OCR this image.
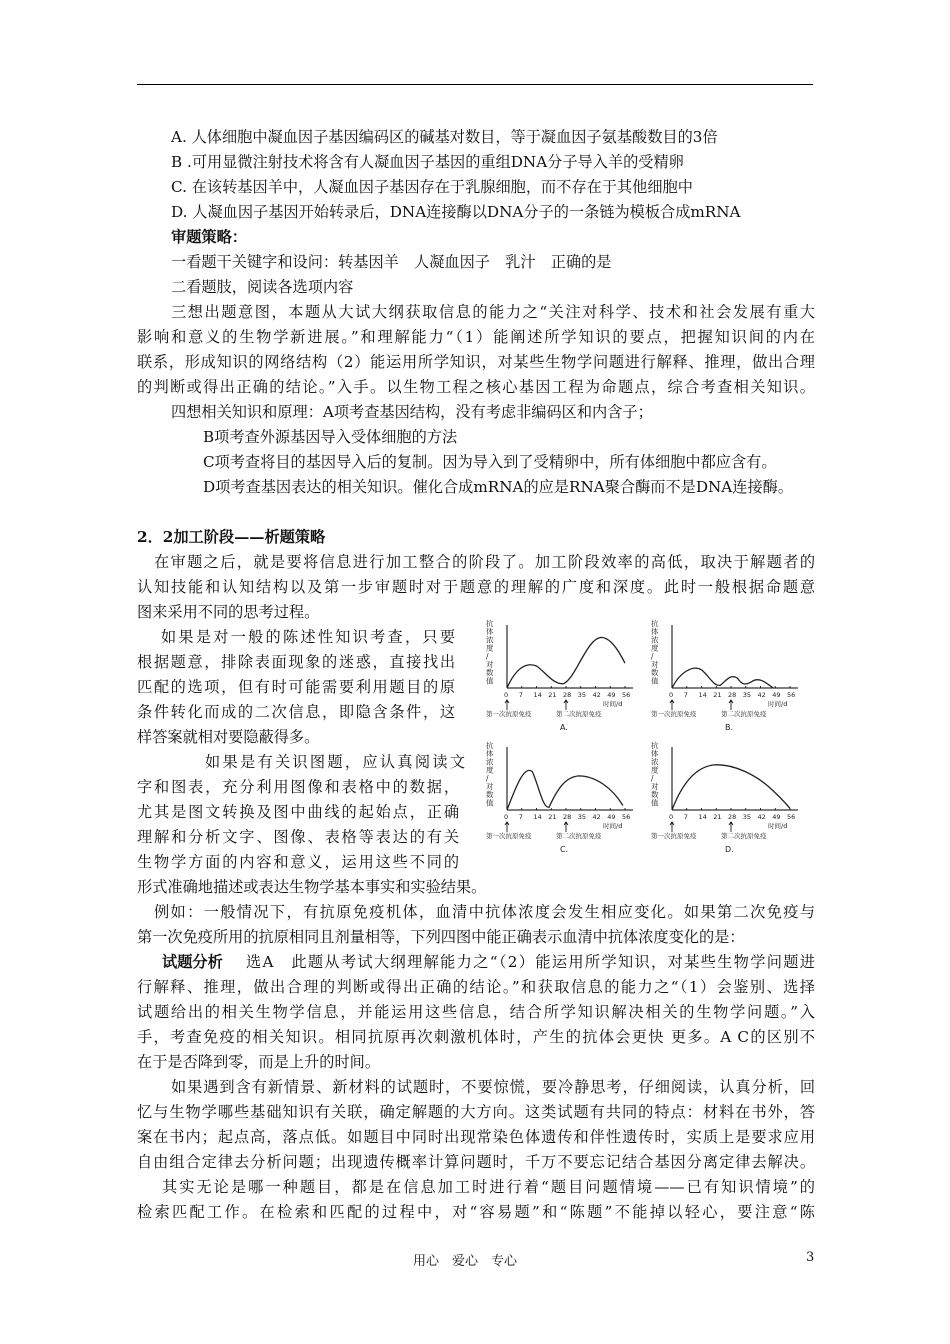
A. 人体细胞中凝血因子基因编码区的碱基对数目，等于凝血因子氨基酸数目的3倍
B .可用显微注射技术将含有人凝血因子基因的重组DNA分子导入羊的受精卵
C. 在该转基因羊中，人凝血因子基因存在于乳腺细胞，而不存在于其他细胞中
D. 人凝血因子基因开始转录后，DNA连接酶以DNA分子的一条链为模板合成mRNA
审题策略：
一看题干关键字和设问：转基因羊　人凝血因子　乳汁　正确的是
二看题肢，阅读各选项内容
三想出题意图，本题从大试大纲获取信息的能力之“关注对科学、技术和社会发展有重大
影响和意义的生物学新进展。”和理解能力“（1）能阐述所学知识的要点，把握知识间的内在
联系，形成知识的网络结构（2）能运用所学知识，对某些生物学问题进行解释、推理，做出合理
的判断或得出正确的结论。”入手。以生物工程之核心基因工程为命题点，综合考查相关知识。
四想相关知识和原理：A项考查基因结构，没有考虑非编码区和内含子；
B项考查外源基因导入受体细胞的方法
C项考查将目的基因导入后的复制。因为导入到了受精卵中，所有体细胞中都应含有。
D项考查基因表达的相关知识。催化合成mRNA的应是RNA聚合酶而不是DNA连接酶。
2．2加工阶段——析题策略
在审题之后，就是要将信息进行加工整合的阶段了。加工阶段效率的高低，取决于解题者的
认知技能和认知结构以及第一步审题时对于题意的理解的广度和深度。此时一般根据命题意
图来采用不同的思考过程。
如果是对一般的陈述性知识考查，只要
根据题意，排除表面现象的迷惑，直接找出
匹配的选项，但有时可能需要利用题目的原
条件转化而成的二次信息，即隐含条件，这
样答案就相对要隐蔽得多。
如果是有关识图题，应认真阅读文
字和图表，充分利用图像和表格中的数据，
尤其是图文转换及图中曲线的起始点，正确
理解和分析文字、图像、表格等表达的有关
生物学方面的内容和意义，运用这些不同的
形式准确地描述或表达生物学基本事实和实验结果。
抗
体
浓
度
/
对
数
值
0 7 14 21 28 35 42 49 56
时间/d
第一次抗原免疫	第二次抗原免疫
A.
抗
体
浓
度
/
对
数
值
0 7 14 21 28 35 42 49 56
时间/d
第一次抗原免疫	第二次抗原免疫
B.
抗
体
浓
度
/
对
数
值
0 7 14 21 28 35 42 49 56
时间/d
第一次抗原免疫	第二次抗原免疫
C.
抗
体
浓
度
/
对
数
值
0 7 14 21 28 35 42 49 56
时间/d
第一次抗原免疫	第二次抗原免疫
D.
例如：一般情况下，有抗原免疫机体，血清中抗体浓度会发生相应变化。如果第二次免疫与
第一次免疫所用的抗原相同且剂量相等，下列四图中能正确表示血清中抗体浓度变化的是：
试题分析 选A　此题从考试大纲理解能力之“（2）能运用所学知识，对某些生物学问题进
行解释、推理，做出合理的判断或得出正确的结论。”和获取信息的能力之“（1）会鉴别、选择
试题给出的相关生物学信息，并能运用这些信息，结合所学知识解决相关的生物学问题。”入
手，考查免疫的相关知识。相同抗原再次刺激机体时，产生的抗体会更快 更多。A C的区别不
在于是否降到零，而是上升的时间。
如果遇到含有新情景、新材料的试题时，不要惊慌，要冷静思考，仔细阅读，认真分析，回
忆与生物学哪些基础知识有关联，确定解题的大方向。这类试题有共同的特点：材料在书外，答
案在书内；起点高，落点低。如题目中同时出现常染色体遗传和伴性遗传时，实质上是要求应用
自由组合定律去分析问题；出现遗传概率计算问题时，千万不要忘记结合基因分离定律去解决。
其实无论是哪一种题目，都是在信息加工时进行着“题目问题情境——已有知识情境”的
检索匹配工作。在检索和匹配的过程中，对“容易题”和“陈题”不能掉以轻心，要注意“陈
用心　爱心　专心	3
